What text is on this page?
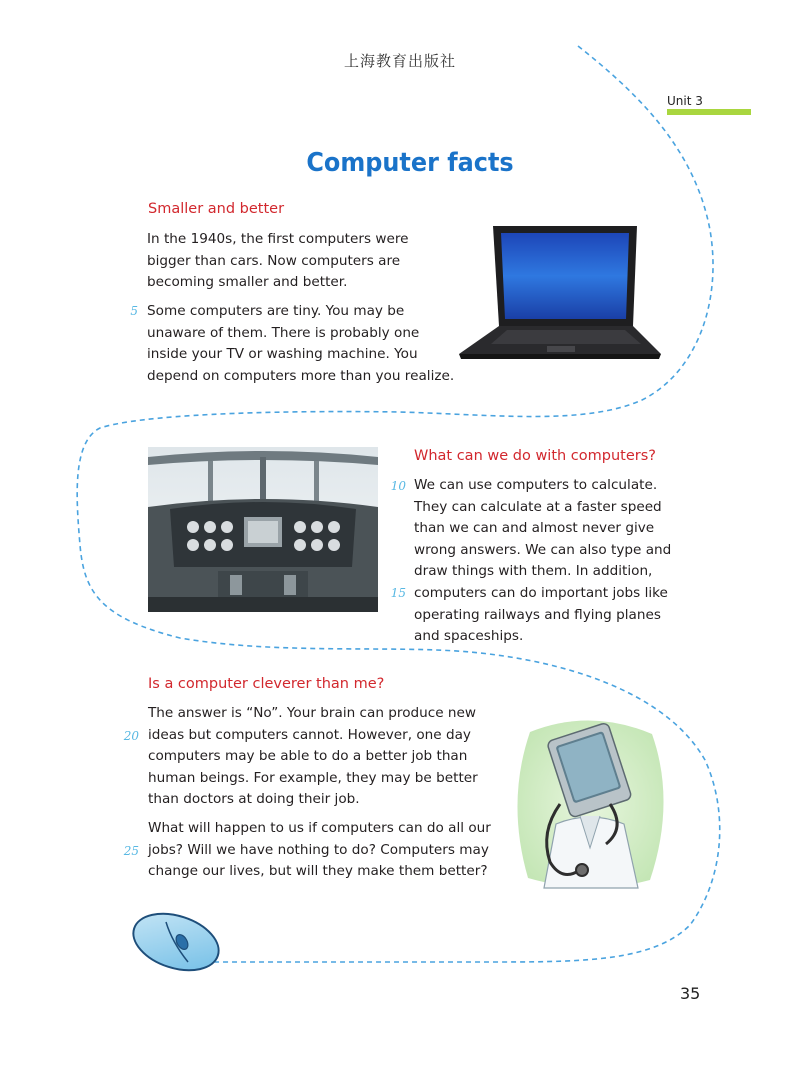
上海教育出版社
Unit 3
Computer facts
Smaller and better
In the 1940s, the first computers were
bigger than cars. Now computers are
becoming smaller and better.
Some computers are tiny. You may be
unaware of them. There is probably one
inside your TV or washing machine. You
depend on computers more than you realize.
5
What can we do with computers?
We can use computers to calculate.
They can calculate at a faster speed
than we can and almost never give
wrong answers. We can also type and
draw things with them. In addition,
computers can do important jobs like
operating railways and flying planes
and spaceships.
10
15
Is a computer cleverer than me?
The answer is “No”. Your brain can produce new
ideas but computers cannot. However, one day
computers may be able to do a better job than
human beings. For example, they may be better
than doctors at doing their job.
What will happen to us if computers can do all our
jobs? Will we have nothing to do? Computers may
change our lives, but will they make them better?
20
25
35
